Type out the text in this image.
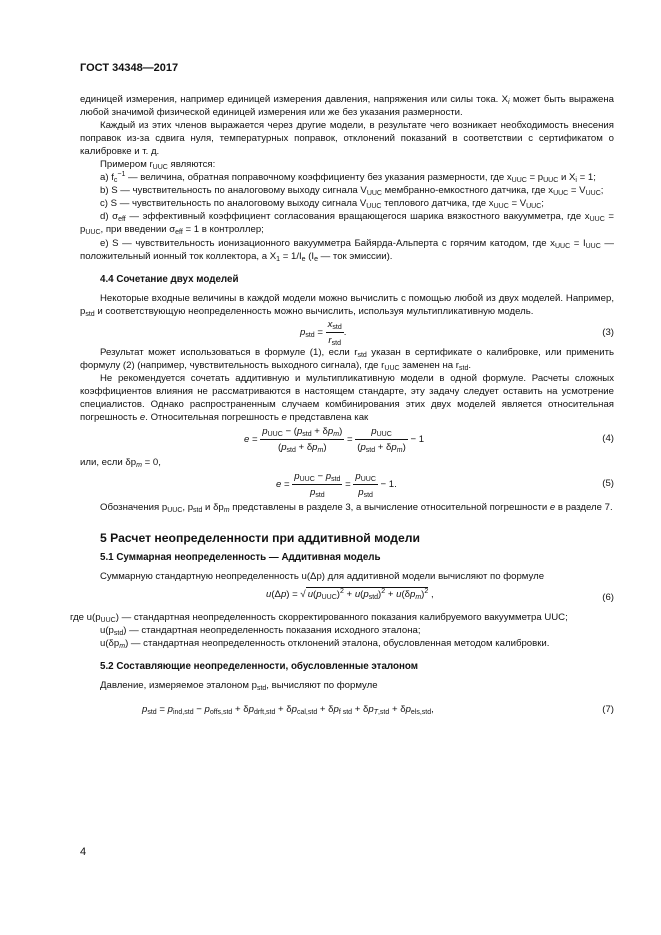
ГОСТ 34348—2017

единицей измерения, например единицей измерения давления, напряжения или силы тока. $X_i$ может быть выражена любой значимой физической единицей измерения или же без указания размерности.

Каждый из этих членов выражается через другие модели, в результате чего возникает необходимость внесения поправок из-за сдвига нуля, температурных поправок, отклонений показаний в соответствии с сертификатом о калибровке и т. д.

Примером $r_{UUC}$ являются:

a) $f_c^{-1}$ — величина, обратная поправочному коэффициенту без указания размерности, где $x_{UUC} = p_{UUC}$ и $X_i = 1$;

b) S — чувствительность по аналоговому выходу сигнала $V_{UUC}$ мембранно-емкостного датчика, где $x_{UUC} = V_{UUC}$;

c) S — чувствительность по аналоговому выходу сигнала $V_{UUC}$ теплового датчика, где $x_{UUC} = V_{UUC}$;

d) $\sigma_{eff}$ — эффективный коэффициент согласования вращающегося шарика вязкостного вакуумметра, где $x_{UUC} = p_{UUC}$, при введении $\sigma_{eff} = 1$ в контроллер;

e) S — чувствительность ионизационного вакуумметра Байярда-Альперта с горячим катодом, где $x_{UUC} = I_{UUC}$ — положительный ионный ток коллектора, а $X_1 = 1/I_e$ ($I_e$ — ток эмиссии).

4.4 Сочетание двух моделей

Некоторые входные величины в каждой модели можно вычислить с помощью любой из двух моделей. Например, $p_{std}$ и соответствующую неопределенность можно вычислить, используя мультипликативную модель.

$p_{std} = \frac{x_{std}}{r_{std}}$ .	(3)

Результат может использоваться в формуле (1), если $r_{std}$ указан в сертификате о калибровке, или применить формулу (2) (например, чувствительность выходного сигнала), где $r_{UUC}$ заменен на $r_{std}$.

Не рекомендуется сочетать аддитивную и мультипликативную модели в одной формуле. Расчеты сложных коэффициентов влияния не рассматриваются в настоящем стандарте, эту задачу следует оставить на усмотрение специалистов. Однако распространенным случаем комбинирования этих двух моделей является относительная погрешность e. Относительная погрешность e представлена как

$e = \frac{p_{UUC} - (p_{std} + \delta p_m)}{(p_{std} + \delta p_m)} = \frac{p_{UUC}}{(p_{std} + \delta p_m)} - 1$	(4)

или, если $\delta p_m = 0$,

$e = \frac{p_{UUC} - p_{std}}{p_{std}} = \frac{p_{UUC}}{p_{std}} - 1$.	(5)

Обозначения $p_{UUC}$, $p_{std}$ и $\delta p_m$ представлены в разделе 3, а вычисление относительной погрешности e в разделе 7.

5 Расчет неопределенности при аддитивной модели
5.1 Суммарная неопределенность — Аддитивная модель

Суммарную стандартную неопределенность u(Δp) для аддитивной модели вычисляют по формуле

u(Δp) = √ $u(p_{UUC})^2 + u(p_{std})^2 + u(\delta p_m)^2$ ,	(6)

где $u(p_{UUC})$ — стандартная неопределенность скорректированного показания калибруемого вакуумметра UUC;

$u(p_{std})$ — стандартная неопределенность показания исходного эталона;

$u(\delta p_m)$ — стандартная неопределенность отклонений эталона, обусловленная методом калибровки.

5.2 Составляющие неопределенности, обусловленные эталоном

Давление, измеряемое эталоном $p_{std}$, вычисляют по формуле

$p_{std} = p_{ind,std} - p_{offs,std} + \delta p_{drft,std} + \delta p_{cal,std} + \delta p_{f std} + \delta p_{T,std} + \delta p_{els,std}$,	(7)
4
